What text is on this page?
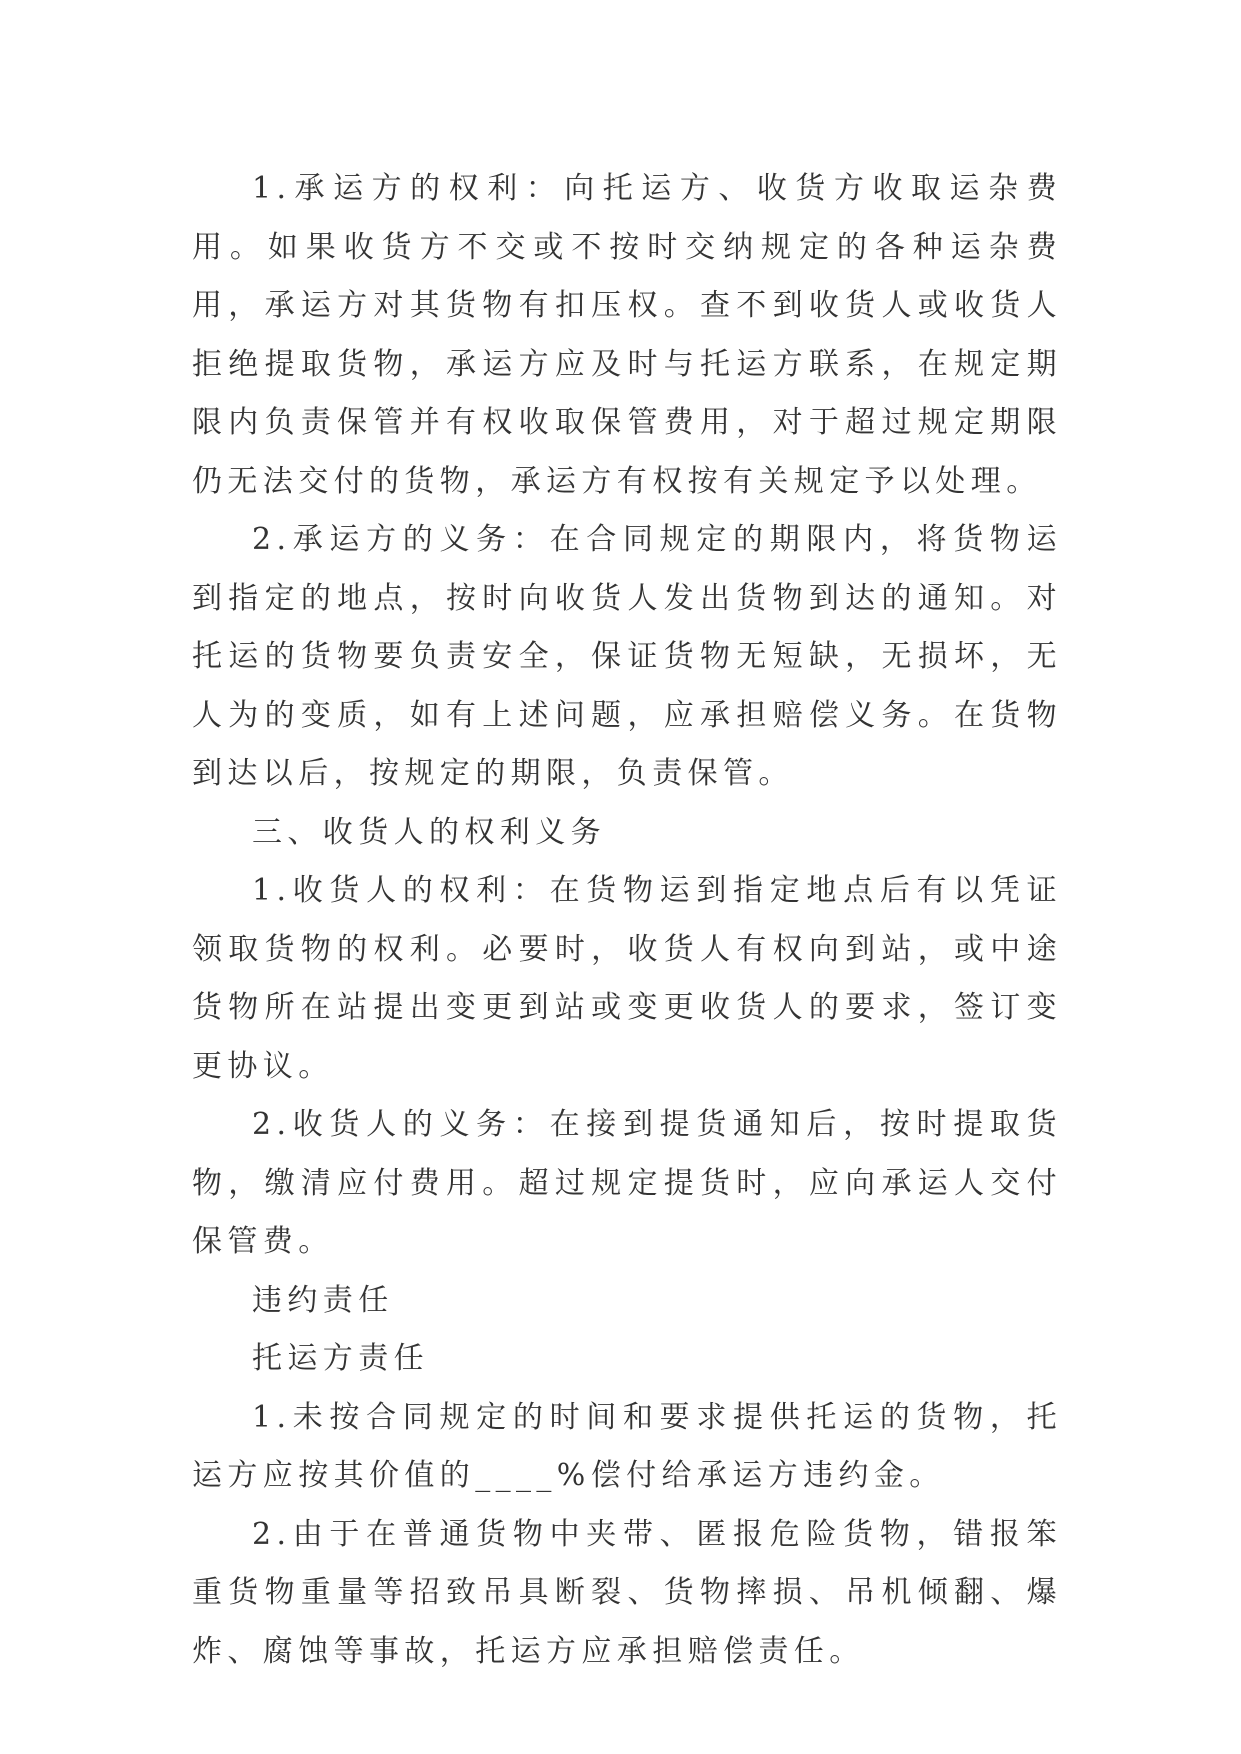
1.承运方的权利：向托运方、收货方收取运杂费用。如果收货方不交或不按时交纳规定的各种运杂费用，承运方对其货物有扣压权。查不到收货人或收货人拒绝提取货物，承运方应及时与托运方联系，在规定期限内负责保管并有权收取保管费用，对于超过规定期限仍无法交付的货物，承运方有权按有关规定予以处理。

2.承运方的义务：在合同规定的期限内，将货物运到指定的地点，按时向收货人发出货物到达的通知。对托运的货物要负责安全，保证货物无短缺，无损坏，无人为的变质，如有上述问题，应承担赔偿义务。在货物到达以后，按规定的期限，负责保管。

三、收货人的权利义务

1.收货人的权利：在货物运到指定地点后有以凭证领取货物的权利。必要时，收货人有权向到站，或中途货物所在站提出变更到站或变更收货人的要求，签订变更协议。

2.收货人的义务：在接到提货通知后，按时提取货物，缴清应付费用。超过规定提货时，应向承运人交付保管费。

违约责任

托运方责任

1.未按合同规定的时间和要求提供托运的货物，托运方应按其价值的____%偿付给承运方违约金。

2.由于在普通货物中夹带、匿报危险货物，错报笨重货物重量等招致吊具断裂、货物摔损、吊机倾翻、爆炸、腐蚀等事故，托运方应承担赔偿责任。
